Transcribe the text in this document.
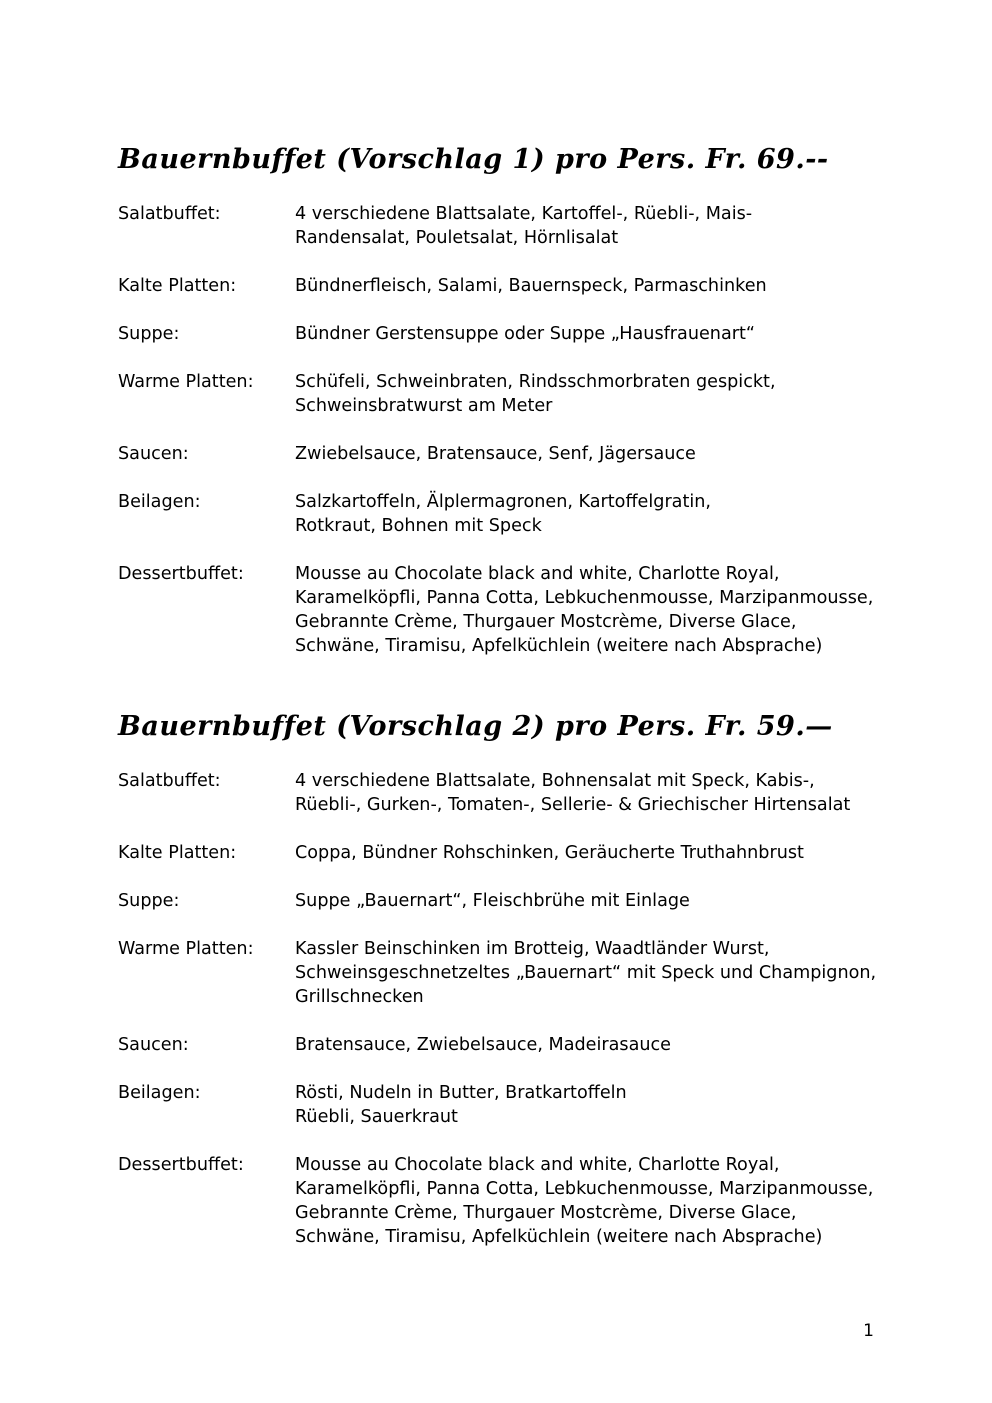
Bauernbuffet (Vorschlag 1) pro Pers. Fr. 69.--
Salatbuffet:	4 verschiedene Blattsalate, Kartoffel-, Rüebli-, Mais-
Randensalat, Pouletsalat, Hörnlisalat
Kalte Platten:	Bündnerfleisch, Salami, Bauernspeck, Parmaschinken
Suppe:	Bündner Gerstensuppe oder Suppe „Hausfrauenart“
Warme Platten:	Schüfeli, Schweinbraten, Rindsschmorbraten gespickt,
Schweinsbratwurst am Meter
Saucen:	Zwiebelsauce, Bratensauce, Senf, Jägersauce
Beilagen:	Salzkartoffeln, Älplermagronen, Kartoffelgratin,
Rotkraut, Bohnen mit Speck
Dessertbuffet:	Mousse au Chocolate black and white, Charlotte Royal,
Karamelköpfli, Panna Cotta, Lebkuchenmousse, Marzipanmousse,
Gebrannte Crème, Thurgauer Mostcrème, Diverse Glace,
Schwäne, Tiramisu, Apfelküchlein (weitere nach Absprache)
Bauernbuffet (Vorschlag 2) pro Pers. Fr. 59.—
Salatbuffet:	4 verschiedene Blattsalate, Bohnensalat mit Speck, Kabis-,
Rüebli-, Gurken-, Tomaten-, Sellerie- & Griechischer Hirtensalat
Kalte Platten:	Coppa, Bündner Rohschinken, Geräucherte Truthahnbrust
Suppe:	Suppe „Bauernart“, Fleischbrühe mit Einlage
Warme Platten:	Kassler Beinschinken im Brotteig, Waadtländer Wurst,
Schweinsgeschnetzeltes „Bauernart“ mit Speck und Champignon,
Grillschnecken
Saucen:	Bratensauce, Zwiebelsauce, Madeirasauce
Beilagen:	Rösti, Nudeln in Butter, Bratkartoffeln
Rüebli, Sauerkraut
Dessertbuffet:	Mousse au Chocolate black and white, Charlotte Royal,
Karamelköpfli, Panna Cotta, Lebkuchenmousse, Marzipanmousse,
Gebrannte Crème, Thurgauer Mostcrème, Diverse Glace,
Schwäne, Tiramisu, Apfelküchlein (weitere nach Absprache)
1
